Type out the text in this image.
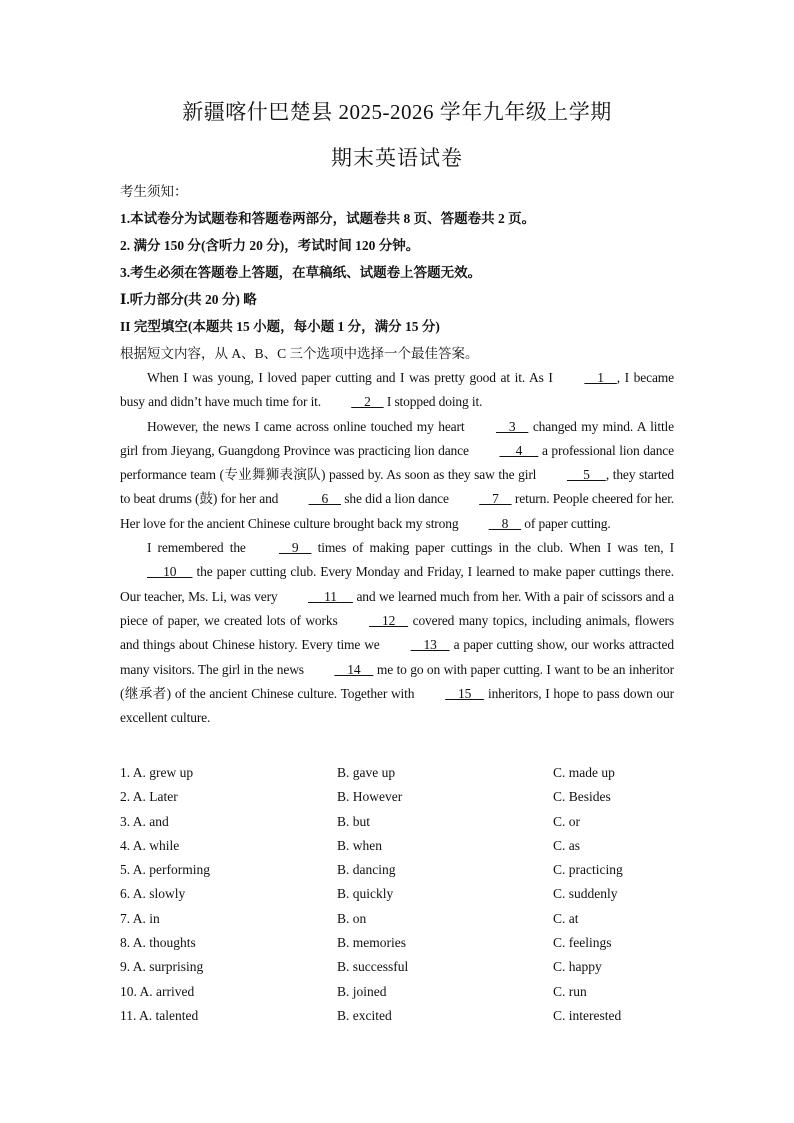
新疆喀什巴楚县 2025-2026 学年九年级上学期
期末英语试卷
考生须知：
1.本试卷分为试题卷和答题卷两部分，试题卷共 8 页、答题卷共 2 页。
2. 满分 150 分(含听力 20 分)，考试时间 120 分钟。
3.考生必须在答题卷上答题，在草稿纸、试题卷上答题无效。
Ⅰ.听力部分(共 20 分) 略
II 完型填空(本题共 15 小题，每小题 1 分，满分 15 分)
根据短文内容，从 A、B、C 三个选项中选择一个最佳答案。

When I was young, I loved paper cutting and I was pretty good at it. As I     1    , I became busy and didn’t have much time for it.     2     I stopped doing it.

However, the news I came across online touched my heart     3     changed my mind. A little girl from Jieyang, Guangdong Province was practicing lion dance      4      a professional lion dance performance team (专业舞狮表演队) passed by. As soon as they saw the girl      5     , they started to beat drums (鼓) for her and     6     she did a lion dance     7     return. People cheered for her. Her love for the ancient Chinese culture brought back my strong     8     of paper cutting.

I remembered the     9     times of making paper cuttings in the club. When I was ten, I      10      the paper cutting club. Every Monday and Friday, I learned to make paper cuttings there. Our teacher, Ms. Li, was very      11      and we learned much from her. With a pair of scissors and a piece of paper, we created lots of works     12     covered many topics, including animals, flowers and things about Chinese history. Every time we     13     a paper cutting show, our works attracted many visitors. The girl in the news     14     me to go on with paper cutting. I want to be an inheritor (继承者) of the ancient Chinese culture. Together with     15     inheritors, I hope to pass down our excellent culture.

1. A. grew up	B. gave up	C. made up
2. A. Later	B. However	C. Besides
3. A. and	B. but	C. or
4. A. while	B. when	C. as
5. A. performing	B. dancing	C. practicing
6. A. slowly	B. quickly	C. suddenly
7. A. in	B. on	C. at
8. A. thoughts	B. memories	C. feelings
9. A. surprising	B. successful	C. happy
10. A. arrived	B. joined	C. run
11. A. talented	B. excited	C. interested
